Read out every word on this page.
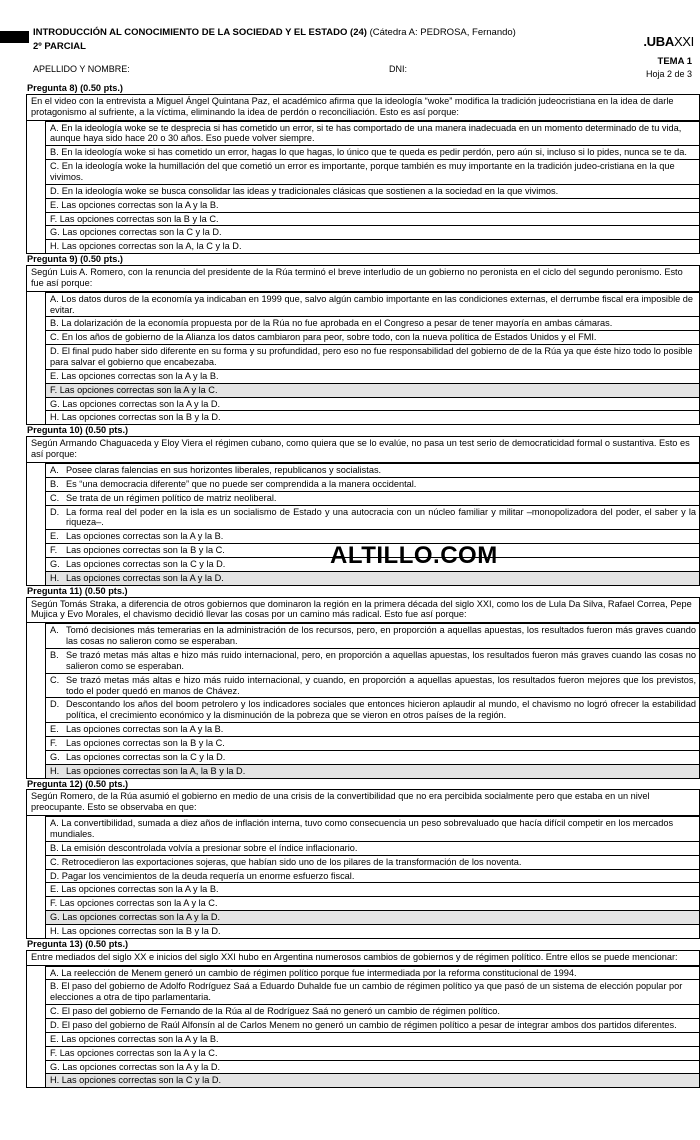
INTRODUCCIÓN AL CONOCIMIENTO DE LA SOCIEDAD Y EL ESTADO (24) (Cátedra A: PEDROSA, Fernando)
2º PARCIAL	.UBAXXI
TEMA 1
Hoja 2 de 3
APELLIDO Y NOMBRE:	DNI:
Pregunta 8) (0.50 pts.)
En el video con la entrevista a Miguel Ángel Quintana Paz, el académico afirma que la ideología “woke” modifica la tradición judeocristiana en la idea de darle protagonismo al sufriente, a la víctima, eliminando la idea de perdón o reconciliación. Esto es así porque:
A. En la ideología woke se te desprecia si has cometido un error, si te has comportado de una manera inadecuada en un momento determinado de tu vida, aunque haya sido hace 20 o 30 años. Eso puede volver siempre.
B. En la ideología woke si has cometido un error, hagas lo que hagas, lo único que te queda es pedir perdón, pero aún si, incluso si lo pides, nunca se te da.
C. En la ideología woke la humillación del que cometió un error es importante, porque también es muy importante en la tradición judeo-cristiana en la que vivimos.
D. En la ideología woke se busca consolidar las ideas y tradicionales clásicas que sostienen a la sociedad en la que vivimos.
E. Las opciones correctas son la A y la B.
F. Las opciones correctas son la B y la C.
G. Las opciones correctas son la C y la D.
H. Las opciones correctas son la A, la C y la D.
Pregunta 9) (0.50 pts.)
Según Luis A. Romero, con la renuncia del presidente de la Rúa terminó el breve interludio de un gobierno no peronista en el ciclo del segundo peronismo. Esto fue así porque:
A. Los datos duros de la economía ya indicaban en 1999 que, salvo algún cambio importante en las condiciones externas, el derrumbe fiscal era imposible de evitar.
B. La dolarización de la economía propuesta por de la Rúa no fue aprobada en el Congreso a pesar de tener mayoría en ambas cámaras.
C. En los años de gobierno de la Alianza los datos cambiaron para peor, sobre todo, con la nueva política de Estados Unidos y el FMI.
D. El final pudo haber sido diferente en su forma y su profundidad, pero eso no fue responsabilidad del gobierno de de la Rúa ya que éste hizo todo lo posible para salvar el gobierno que encabezaba.
E. Las opciones correctas son la A y la B.
F. Las opciones correctas son la A y la C.
G. Las opciones correctas son la A y la D.
H. Las opciones correctas son la B y la D.
Pregunta 10) (0.50 pts.)
Según Armando Chaguaceda y Eloy Viera el régimen cubano, como quiera que se lo evalúe, no pasa un test serio de democraticidad formal o sustantiva. Esto es así porque:
A. Posee claras falencias en sus horizontes liberales, republicanos y socialistas.
B. Es “una democracia diferente” que no puede ser comprendida a la manera occidental.
C. Se trata de un régimen político de matriz neoliberal.
D. La forma real del poder en la isla es un socialismo de Estado y una autocracia con un núcleo familiar y militar –monopolizadora del poder, el saber y la riqueza–.
E. Las opciones correctas son la A y la B.
F. Las opciones correctas son la B y la C.
G. Las opciones correctas son la C y la D.
H. Las opciones correctas son la A y la D.
Pregunta 11) (0.50 pts.)
Según Tomás Straka, a diferencia de otros gobiernos que dominaron la región en la primera década del siglo XXI, como los de Lula Da Silva, Rafael Correa, Pepe Mujica y Evo Morales, el chavismo decidió llevar las cosas por un camino más radical. Esto fue así porque:
A. Tomó decisiones más temerarias en la administración de los recursos, pero, en proporción a aquellas apuestas, los resultados fueron más graves cuando las cosas no salieron como se esperaban.
B. Se trazó metas más altas e hizo más ruido internacional, pero, en proporción a aquellas apuestas, los resultados fueron más graves cuando las cosas no salieron como se esperaban.
C. Se trazó metas más altas e hizo más ruido internacional, y cuando, en proporción a aquellas apuestas, los resultados fueron mejores que los previstos, todo el poder quedó en manos de Chávez.
D. Descontando los años del boom petrolero y los indicadores sociales que entonces hicieron aplaudir al mundo, el chavismo no logró ofrecer la estabilidad política, el crecimiento económico y la disminución de la pobreza que se vieron en otros países de la región.
E. Las opciones correctas son la A y la B.
F. Las opciones correctas son la B y la C.
G. Las opciones correctas son la C y la D.
H. Las opciones correctas son la A, la B y la D.
Pregunta 12) (0.50 pts.)
Según Romero, de la Rúa asumió el gobierno en medio de una crisis de la convertibilidad que no era percibida socialmente pero que estaba en un nivel preocupante. Esto se observaba en que:
A. La convertibilidad, sumada a diez años de inflación interna, tuvo como consecuencia un peso sobrevaluado que hacía difícil competir en los mercados mundiales.
B. La emisión descontrolada volvía a presionar sobre el índice inflacionario.
C. Retrocedieron las exportaciones sojeras, que habían sido uno de los pilares de la transformación de los noventa.
D. Pagar los vencimientos de la deuda requería un enorme esfuerzo fiscal.
E. Las opciones correctas son la A y la B.
F. Las opciones correctas son la A y la C.
G. Las opciones correctas son la A y la D.
H. Las opciones correctas son la B y la D.
Pregunta 13) (0.50 pts.)
Entre mediados del siglo XX e inicios del siglo XXI hubo en Argentina numerosos cambios de gobiernos y de régimen político. Entre ellos se puede mencionar:
A. La reelección de Menem generó un cambio de régimen político porque fue intermediada por la reforma constitucional de 1994.
B. El paso del gobierno de Adolfo Rodríguez Saá a Eduardo Duhalde fue un cambio de régimen político ya que pasó de un sistema de elección popular por elecciones a otra de tipo parlamentaria.
C. El paso del gobierno de Fernando de la Rúa al de Rodríguez Saá no generó un cambio de régimen político.
D. El paso del gobierno de Raúl Alfonsín al de Carlos Menem no generó un cambio de régimen político a pesar de integrar ambos dos partidos diferentes.
E. Las opciones correctas son la A y la B.
F. Las opciones correctas son la A y la C.
G. Las opciones correctas son la A y la D.
H. Las opciones correctas son la C y la D.
ALTILLO.COM
